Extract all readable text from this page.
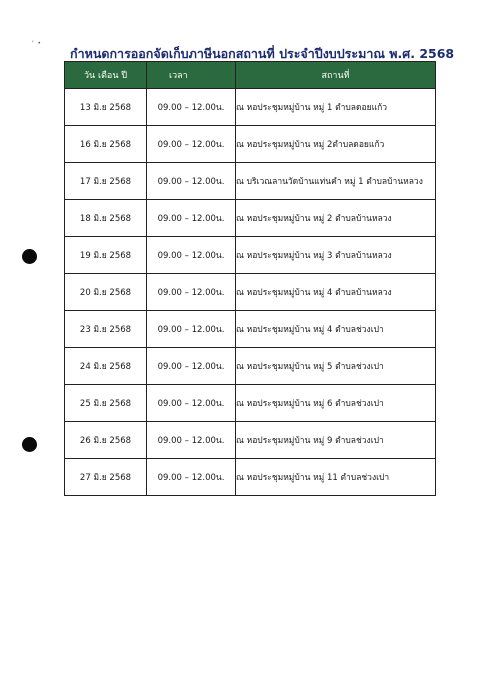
' •
กำหนดการออกจัดเก็บภาษีนอกสถานที่ ประจำปีงบประมาณ พ.ศ. 2568
วัน เดือน ปี	เวลา	สถานที่
13 มิ.ย 2568	09.00 – 12.00น.	ณ หอประชุมหมู่บ้าน หมู่ 1 ตำบลดอยแก้ว
16 มิ.ย 2568	09.00 – 12.00น.	ณ หอประชุมหมู่บ้าน หมู่ 2ตำบลดอยแก้ว
17 มิ.ย 2568	09.00 – 12.00น.	ณ บริเวณลานวัดบ้านแท่นคำ หมู่ 1 ตำบลบ้านหลวง
18 มิ.ย 2568	09.00 – 12.00น.	ณ หอประชุมหมู่บ้าน หมู่ 2 ตำบลบ้านหลวง
19 มิ.ย 2568	09.00 – 12.00น.	ณ หอประชุมหมู่บ้าน หมู่ 3 ตำบลบ้านหลวง
20 มิ.ย 2568	09.00 – 12.00น.	ณ หอประชุมหมู่บ้าน หมู่ 4 ตำบลบ้านหลวง
23 มิ.ย 2568	09.00 – 12.00น.	ณ หอประชุมหมู่บ้าน หมู่ 4 ตำบลช่วงเปา
24 มิ.ย 2568	09.00 – 12.00น.	ณ หอประชุมหมู่บ้าน หมู่ 5 ตำบลช่วงเปา
25 มิ.ย 2568	09.00 – 12.00น.	ณ หอประชุมหมู่บ้าน หมู่ 6 ตำบลช่วงเปา
26 มิ.ย 2568	09.00 – 12.00น.	ณ หอประชุมหมู่บ้าน หมู่ 9 ตำบลช่วงเปา
27 มิ.ย 2568	09.00 – 12.00น.	ณ หอประชุมหมู่บ้าน หมู่ 11 ตำบลช่วงเปา
